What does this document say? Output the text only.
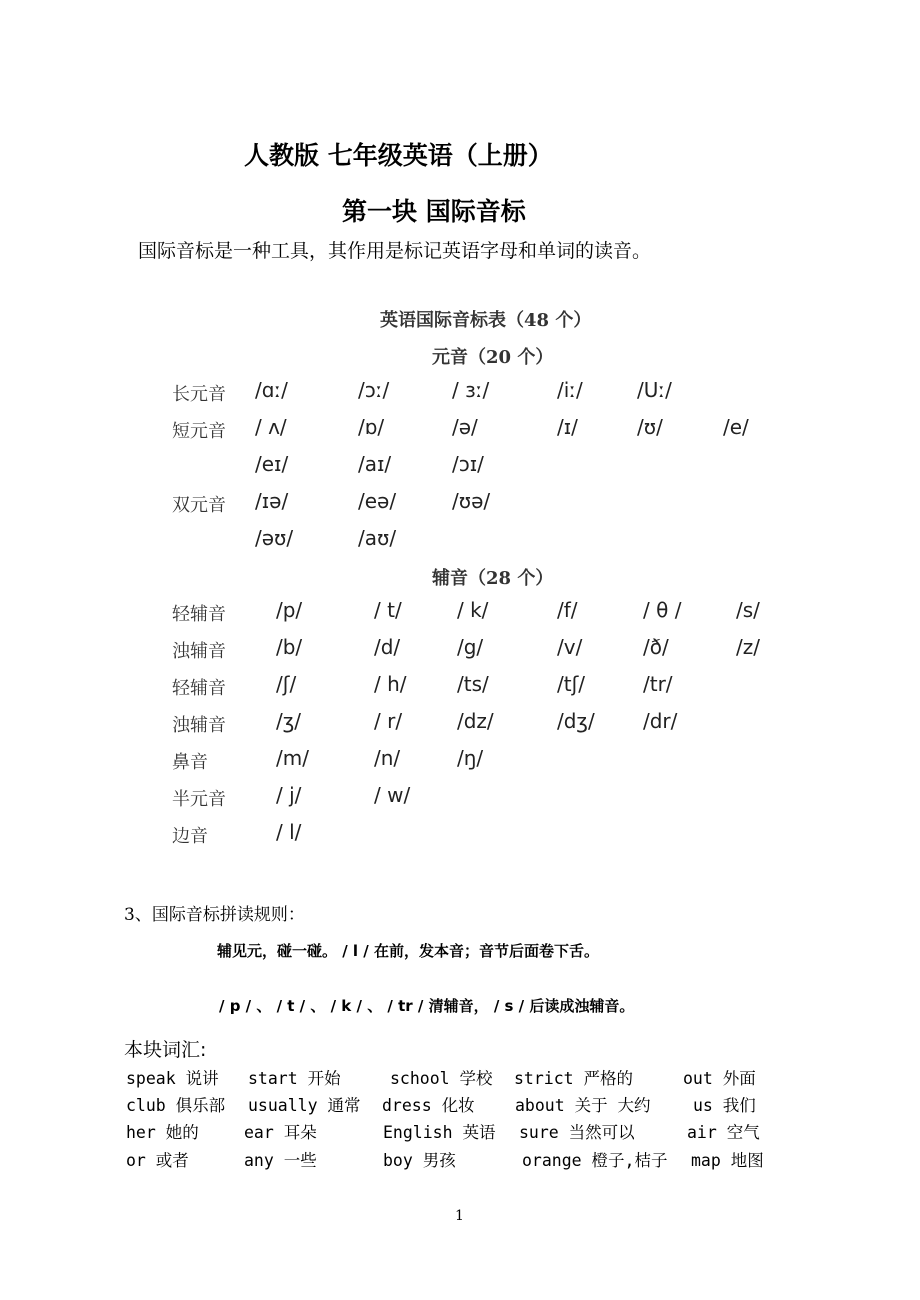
人教版 七年级英语（上册）
第一块 国际音标
国际音标是一种工具，其作用是标记英语字母和单词的读音。
英语国际音标表（48 个）
元音（20 个）
长元音 /ɑː/	/ɔː/	/ ɜː/	/iː/	/Uː/
短元音 / ʌ/	/ɒ/	/ə/	/ɪ/	/ʊ/	/e/
/eɪ/	/aɪ/	/ɔɪ/
双元音 /ɪə/	/eə/	/ʊə/
/əʊ/	/aʊ/
辅音（28 个）
轻辅音	/p/	/ t/	/ k/	/f/	/ θ /	/s/
浊辅音	/b/	/d/	/g/	/v/	/ð/	/z/
轻辅音	/ʃ/	/ h/	/ts/	/tʃ/	/tr/
浊辅音	/ʒ/	/ r/	/dz/	/dʒ/ /dr/
鼻音	/m/	/n/	/ŋ/
半元音	/ j/	/ w/
边音	/ l/
3、国际音标拼读规则：
辅见元，碰一碰。 / l / 在前，发本音；音节后面卷下舌。
/ p / 、 / t / 、 / k / 、 / tr / 清辅音， / s / 后读成浊辅音。
本块词汇:
speak 说讲 start 开始	school 学校 strict 严格的	out 外面
club 俱乐部 usually 通常 dress 化妆 about 关于 大约	us 我们
her 她的	ear 耳朵	English 英语 sure 当然可以	air 空气
or 或者	any 一些	boy 男孩	orange 橙子,桔子 map 地图
1
